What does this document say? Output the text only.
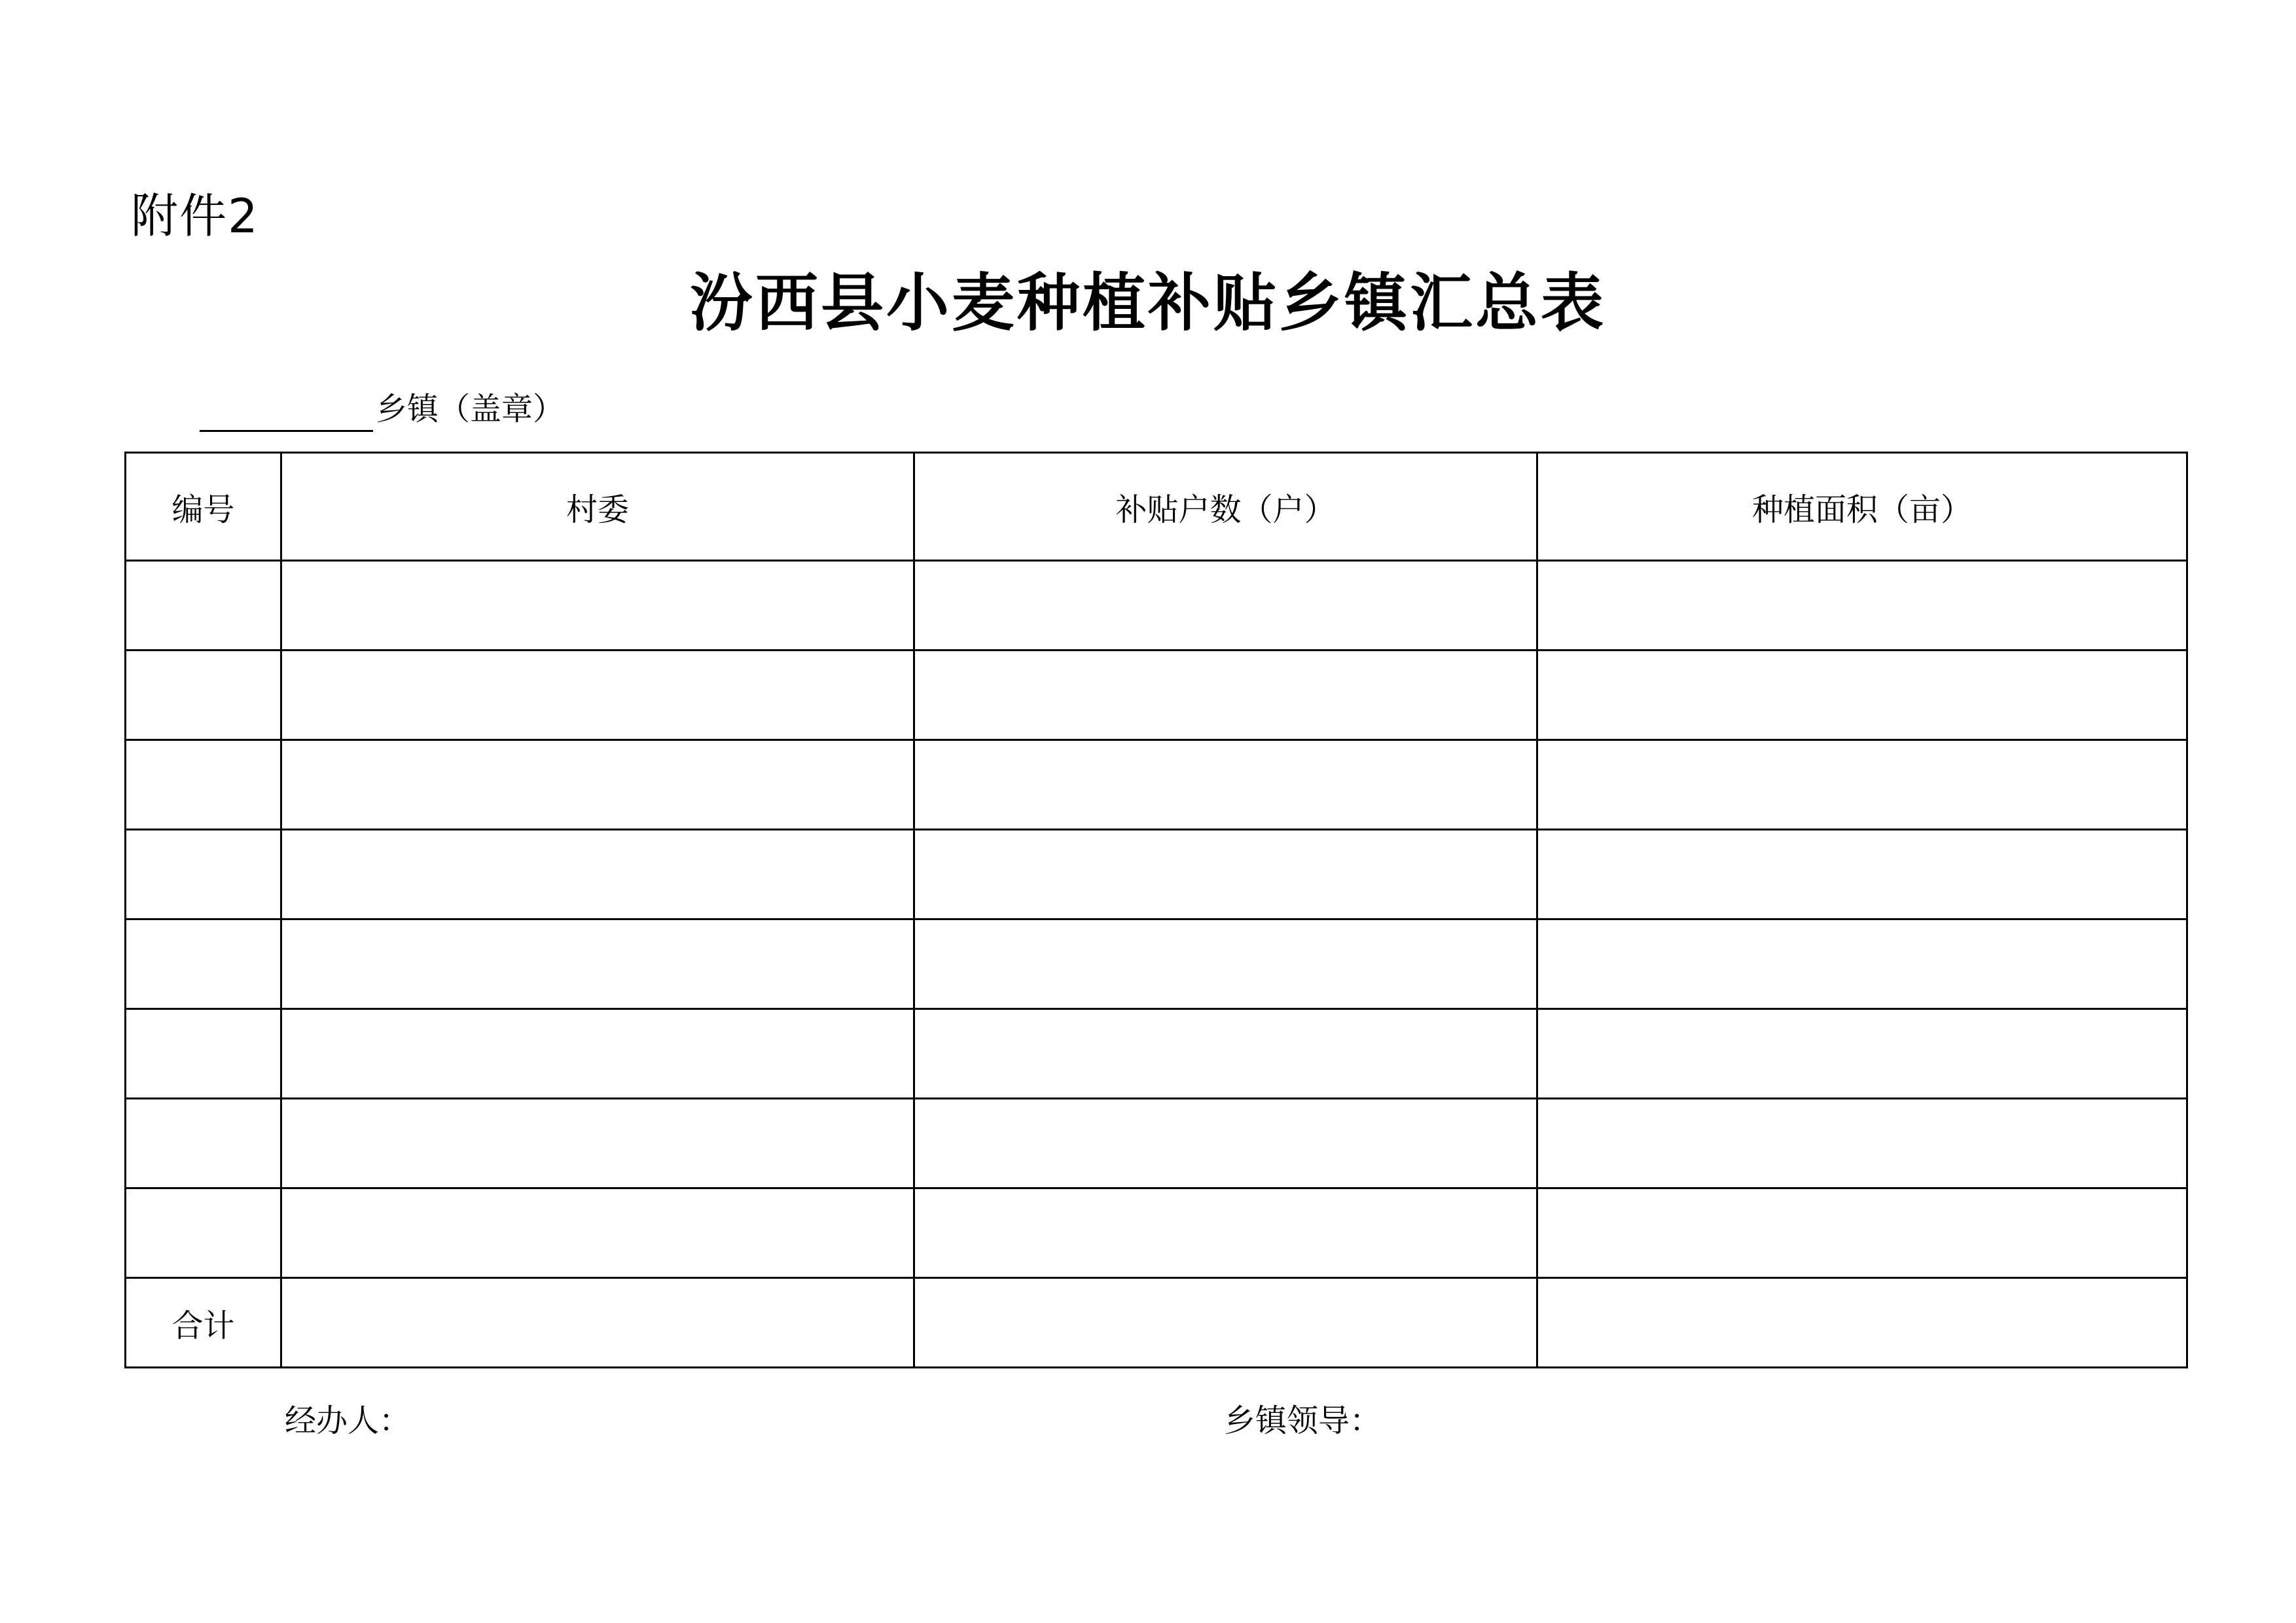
附件2
汾西县小麦种植补贴乡镇汇总表
乡镇（盖章）
编号	村委	补贴户数（户）	种植面积（亩）

合计			
经办人：	乡镇领导：
